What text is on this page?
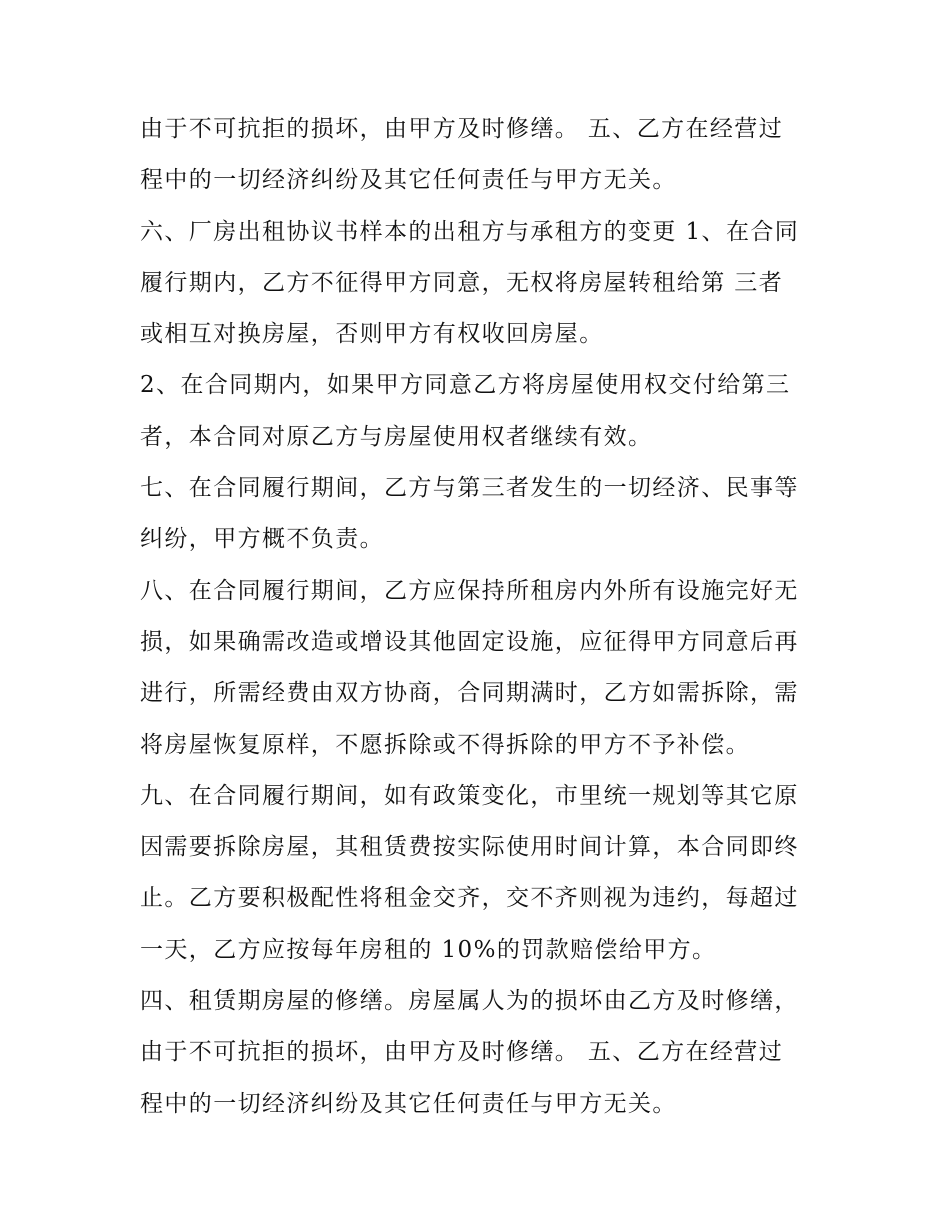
由于不可抗拒的损坏，由甲方及时修缮。 五、乙方在经营过
程中的一切经济纠纷及其它任何责任与甲方无关。
六、厂房出租协议书样本的出租方与承租方的变更 1、在合同
履行期内，乙方不征得甲方同意，无权将房屋转租给第 三者
或相互对换房屋，否则甲方有权收回房屋。
2、在合同期内，如果甲方同意乙方将房屋使用权交付给第三
者，本合同对原乙方与房屋使用权者继续有效。
七、在合同履行期间，乙方与第三者发生的一切经济、民事等
纠纷，甲方概不负责。
八、在合同履行期间，乙方应保持所租房内外所有设施完好无
损，如果确需改造或增设其他固定设施，应征得甲方同意后再
进行，所需经费由双方协商，合同期满时，乙方如需拆除，需
将房屋恢复原样，不愿拆除或不得拆除的甲方不予补偿。
九、在合同履行期间，如有政策变化，市里统一规划等其它原
因需要拆除房屋，其租赁费按实际使用时间计算，本合同即终
止。乙方要积极配性将租金交齐，交不齐则视为违约，每超过
一天，乙方应按每年房租的 10%的罚款赔偿给甲方。
四、租赁期房屋的修缮。房屋属人为的损坏由乙方及时修缮，
由于不可抗拒的损坏，由甲方及时修缮。 五、乙方在经营过
程中的一切经济纠纷及其它任何责任与甲方无关。
